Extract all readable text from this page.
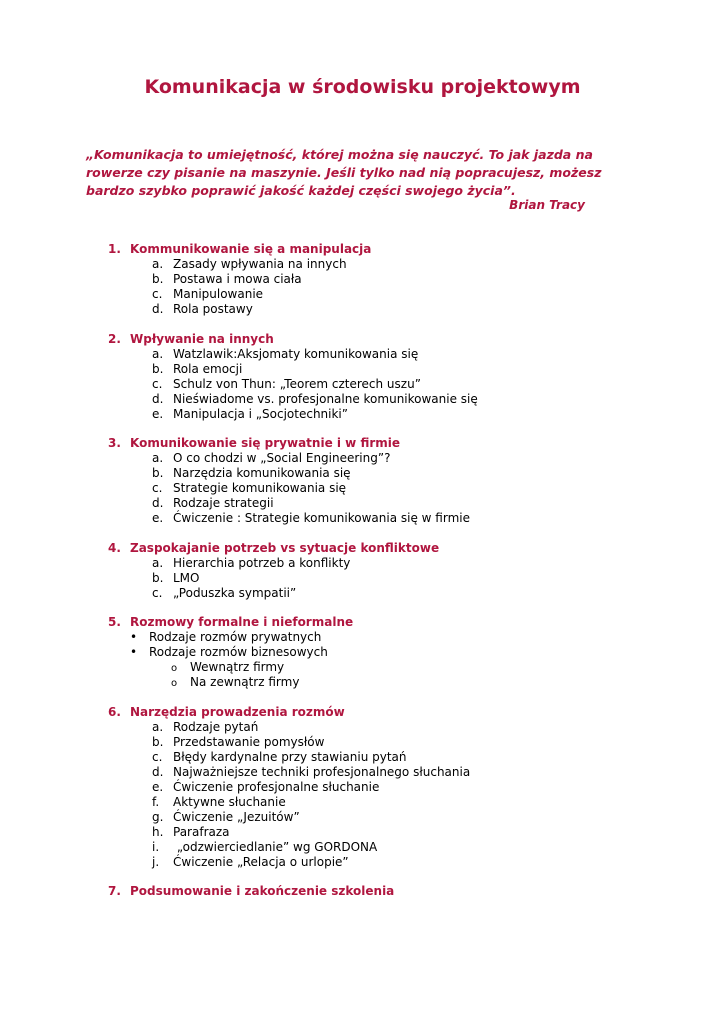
Komunikacja w środowisku projektowym

„Komunikacja to umiejętność, której można się nauczyć. To jak jazda na rowerze czy pisanie na maszynie. Jeśli tylko nad nią popracujesz, możesz bardzo szybko poprawić jakość każdej części swojego życia”.

Brian Tracy
1. Kommunikowanie się a manipulacja
a. Zasady wpływania na innych
b. Postawa i mowa ciała
c. Manipulowanie
d. Rola postawy
2. Wpływanie na innych
a. Watzlawik:Aksjomaty komunikowania się
b. Rola emocji
c. Schulz von Thun: „Teorem czterech uszu”
d. Nieświadome vs. profesjonalne komunikowanie się
e. Manipulacja i „Socjotechniki”
3. Komunikowanie się prywatnie i w firmie
a. O co chodzi w „Social Engineering”?
b. Narzędzia komunikowania się
c. Strategie komunikowania się
d. Rodzaje strategii
e. Ćwiczenie : Strategie komunikowania się w firmie
4. Zaspokajanie potrzeb vs sytuacje konfliktowe
a. Hierarchia potrzeb a konflikty
b. LMO
c. „Poduszka sympatii”
5. Rozmowy formalne i nieformalne
• Rodzaje rozmów prywatnych
• Rodzaje rozmów biznesowych
o Wewnątrz firmy
o Na zewnątrz firmy
6. Narzędzia prowadzenia rozmów
a. Rodzaje pytań
b. Przedstawanie pomysłów
c. Błędy kardynalne przy stawianiu pytań
d. Najważniejsze techniki profesjonalnego słuchania
e. Ćwiczenie profesjonalne słuchanie
f. Aktywne słuchanie
g. Ćwiczenie „Jezuitów”
h. Parafraza
i. „odzwierciedlanie” wg GORDONA
j. Ćwiczenie „Relacja o urlopie”
7. Podsumowanie i zakończenie szkolenia
